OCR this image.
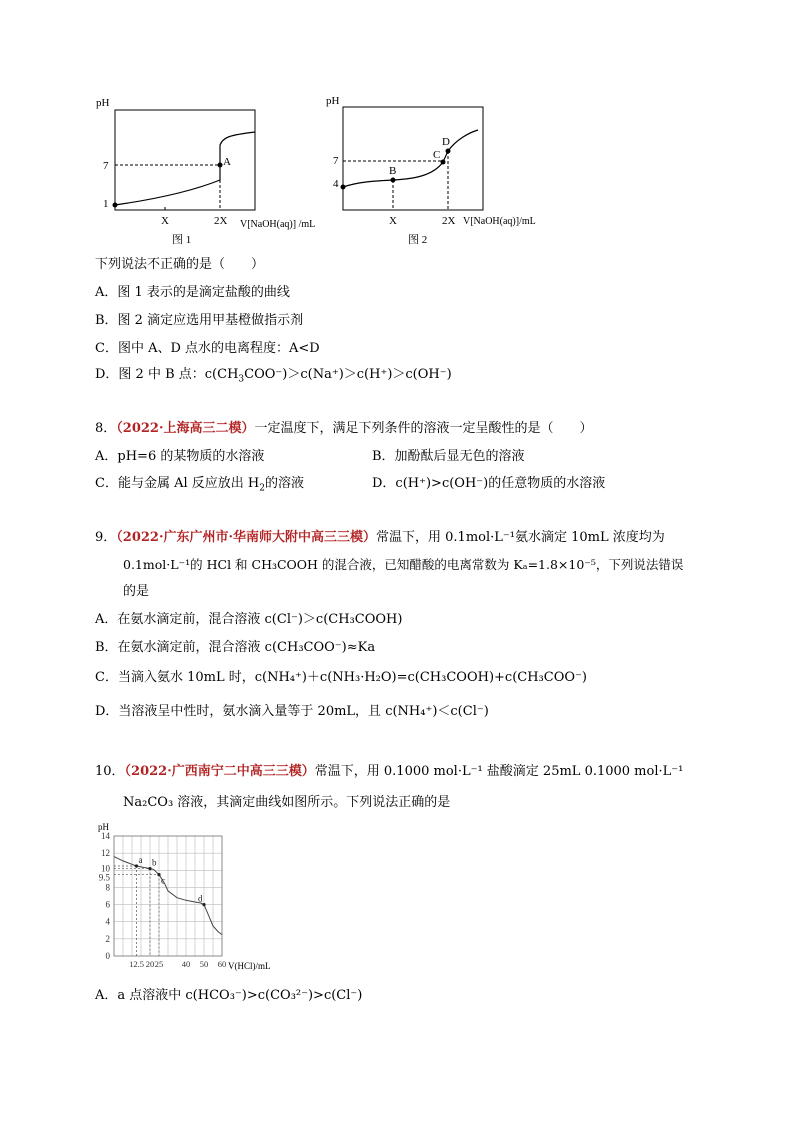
pH
A
7
1
X	2X V[NaOH(aq)] /mL
图 1
pH
B
C
D
7
4
X	2X V[NaOH(aq)]/mL
图 2
下列说法不正确的是（　　）
A．图 1 表示的是滴定盐酸的曲线
B．图 2 滴定应选用甲基橙做指示剂
C．图中 A、D 点水的电离程度：A<D
D．图 2 中 B 点：$c(CH_3COO^-)>c(Na^+)>c(H^+)>c(OH^-)$
8．（2022·上海高三二模）一定温度下，满足下列条件的溶液一定呈酸性的是（　　）
A．pH=6 的某物质的水溶液	B．加酚酞后显无色的溶液
C．能与金属 Al 反应放出 $H_2$的溶液	D．c(H⁺)>c(OH⁻)的任意物质的水溶液
9．（2022·广东广州市·华南师大附中高三三模）常温下，用 0.1mol·L⁻¹氨水滴定 10mL 浓度均为
0.1mol·L⁻¹的 HCl 和 CH₃COOH 的混合液，已知醋酸的电离常数为 Kₐ=1.8×10⁻⁵，下列说法错误
的是
A．在氨水滴定前，混合溶液 c(Cl⁻)＞c(CH₃COOH)
B．在氨水滴定前，混合溶液 c(CH₃COO⁻)≈Ka
C．当滴入氨水 10mL 时，c(NH₄⁺)＋c(NH₃·H₂O)=c(CH₃COOH)+c(CH₃COO⁻)
D．当溶液呈中性时，氨水滴入量等于 20mL，且 c(NH₄⁺)＜c(Cl⁻)
10．（2022·广西南宁二中高三三模）常温下，用 0.1000 mol·L⁻¹ 盐酸滴定 25mL 0.1000 mol·L⁻¹
Na₂CO₃ 溶液，其滴定曲线如图所示。下列说法正确的是
pH
0
2
4
6
8
9.5
10
12
14
12.5 20 25 40 50 60
a b
c
d
V(HCl)/mL
A．a 点溶液中 c(HCO₃⁻)>c(CO₃²⁻)>c(Cl⁻)
